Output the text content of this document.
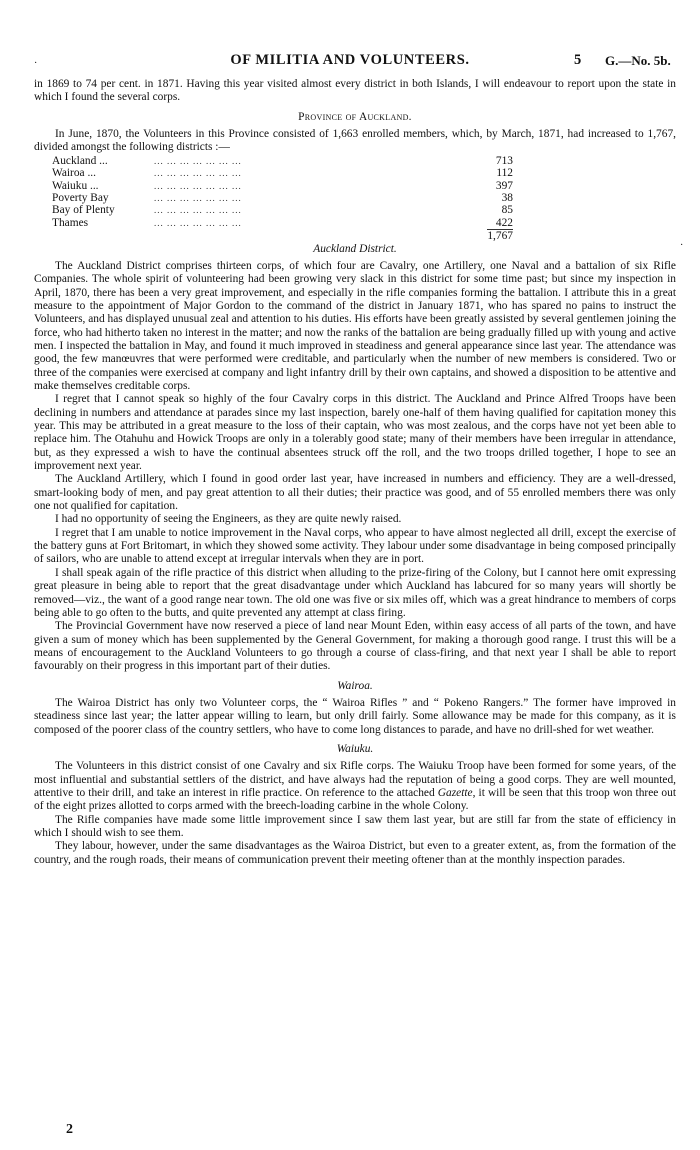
·
·
OF MILITIA AND VOLUNTEERS.	5 G.—No. 5b.

in 1869 to 74 per cent. in 1871. Having this year visited almost every district in both Islands, I will endeavour to report upon the state in which I found the several corps.

Province of Auckland.

In June, 1870, the Volunteers in this Province consisted of 1,663 enrolled members, which, by March, 1871, had increased to 1,767, divided amongst the following districts :—

Auckland ...	... ... ... ... ... ... ...	713
Wairoa ...	... ... ... ... ... ... ...	112
Waiuku ...	... ... ... ... ... ... ...	397
Poverty Bay	... ... ... ... ... ... ...	38
Bay of Plenty	... ... ... ... ... ... ...	85
Thames	... ... ... ... ... ... ...	422

1,767
Auckland District.

The Auckland District comprises thirteen corps, of which four are Cavalry, one Artillery, one Naval and a battalion of six Rifle Companies. The whole spirit of volunteering had been growing very slack in this district for some time past; but since my inspection in April, 1870, there has been a very great improvement, and especially in the rifle companies forming the battalion. I attribute this in a great measure to the appointment of Major Gordon to the command of the district in January 1871, who has spared no pains to instruct the Volunteers, and has displayed unusual zeal and attention to his duties. His efforts have been greatly assisted by several gentlemen joining the force, who had hitherto taken no interest in the matter; and now the ranks of the battalion are being gradually filled up with young and active men. I inspected the battalion in May, and found it much improved in steadiness and general appearance since last year. The attendance was good, the few manœuvres that were performed were creditable, and particularly when the number of new members is considered. Two or three of the companies were exercised at company and light infantry drill by their own captains, and showed a disposition to be attentive and make themselves creditable corps.

I regret that I cannot speak so highly of the four Cavalry corps in this district. The Auckland and Prince Alfred Troops have been declining in numbers and attendance at parades since my last inspection, barely one-half of them having qualified for capitation money this year. This may be attributed in a great measure to the loss of their captain, who was most zealous, and the corps have not yet been able to replace him. The Otahuhu and Howick Troops are only in a tolerably good state; many of their members have been irregular in attendance, but, as they expressed a wish to have the continual absentees struck off the roll, and the two troops drilled together, I hope to see an improvement next year.

The Auckland Artillery, which I found in good order last year, have increased in numbers and efficiency. They are a well-dressed, smart-looking body of men, and pay great attention to all their duties; their practice was good, and of 55 enrolled members there was only one not qualified for capitation.

I had no opportunity of seeing the Engineers, as they are quite newly raised.

I regret that I am unable to notice improvement in the Naval corps, who appear to have almost neglected all drill, except the exercise of the battery guns at Fort Britomart, in which they showed some activity. They labour under some disadvantage in being composed principally of sailors, who are unable to attend except at irregular intervals when they are in port.

I shall speak again of the rifle practice of this district when alluding to the prize-firing of the Colony, but I cannot here omit expressing great pleasure in being able to report that the great disadvantage under which Auckland has labcured for so many years will shortly be removed—viz., the want of a good range near town. The old one was five or six miles off, which was a great hindrance to members of corps being able to go often to the butts, and quite prevented any attempt at class firing.

The Provincial Government have now reserved a piece of land near Mount Eden, within easy access of all parts of the town, and have given a sum of money which has been supplemented by the General Government, for making a thorough good range. I trust this will be a means of encouragement to the Auckland Volunteers to go through a course of class-firing, and that next year I shall be able to report favourably on their progress in this important part of their duties.

Wairoa.

The Wairoa District has only two Volunteer corps, the “ Wairoa Rifles ” and “ Pokeno Rangers.” The former have improved in steadiness since last year; the latter appear willing to learn, but only drill fairly. Some allowance may be made for this company, as it is composed of the poorer class of the country settlers, who have to come long distances to parade, and have no drill-shed for wet weather.

Waiuku.

The Volunteers in this district consist of one Cavalry and six Rifle corps. The Waiuku Troop have been formed for some years, of the most influential and substantial settlers of the district, and have always had the reputation of being a good corps. They are well mounted, attentive to their drill, and take an interest in rifle practice. On reference to the attached Gazette, it will be seen that this troop won three out of the eight prizes allotted to corps armed with the breech-loading carbine in the whole Colony.

The Rifle companies have made some little improvement since I saw them last year, but are still far from the state of efficiency in which I should wish to see them.

They labour, however, under the same disadvantages as the Wairoa District, but even to a greater extent, as, from the formation of the country, and the rough roads, their means of communication prevent their meeting oftener than at the monthly inspection parades.

2
